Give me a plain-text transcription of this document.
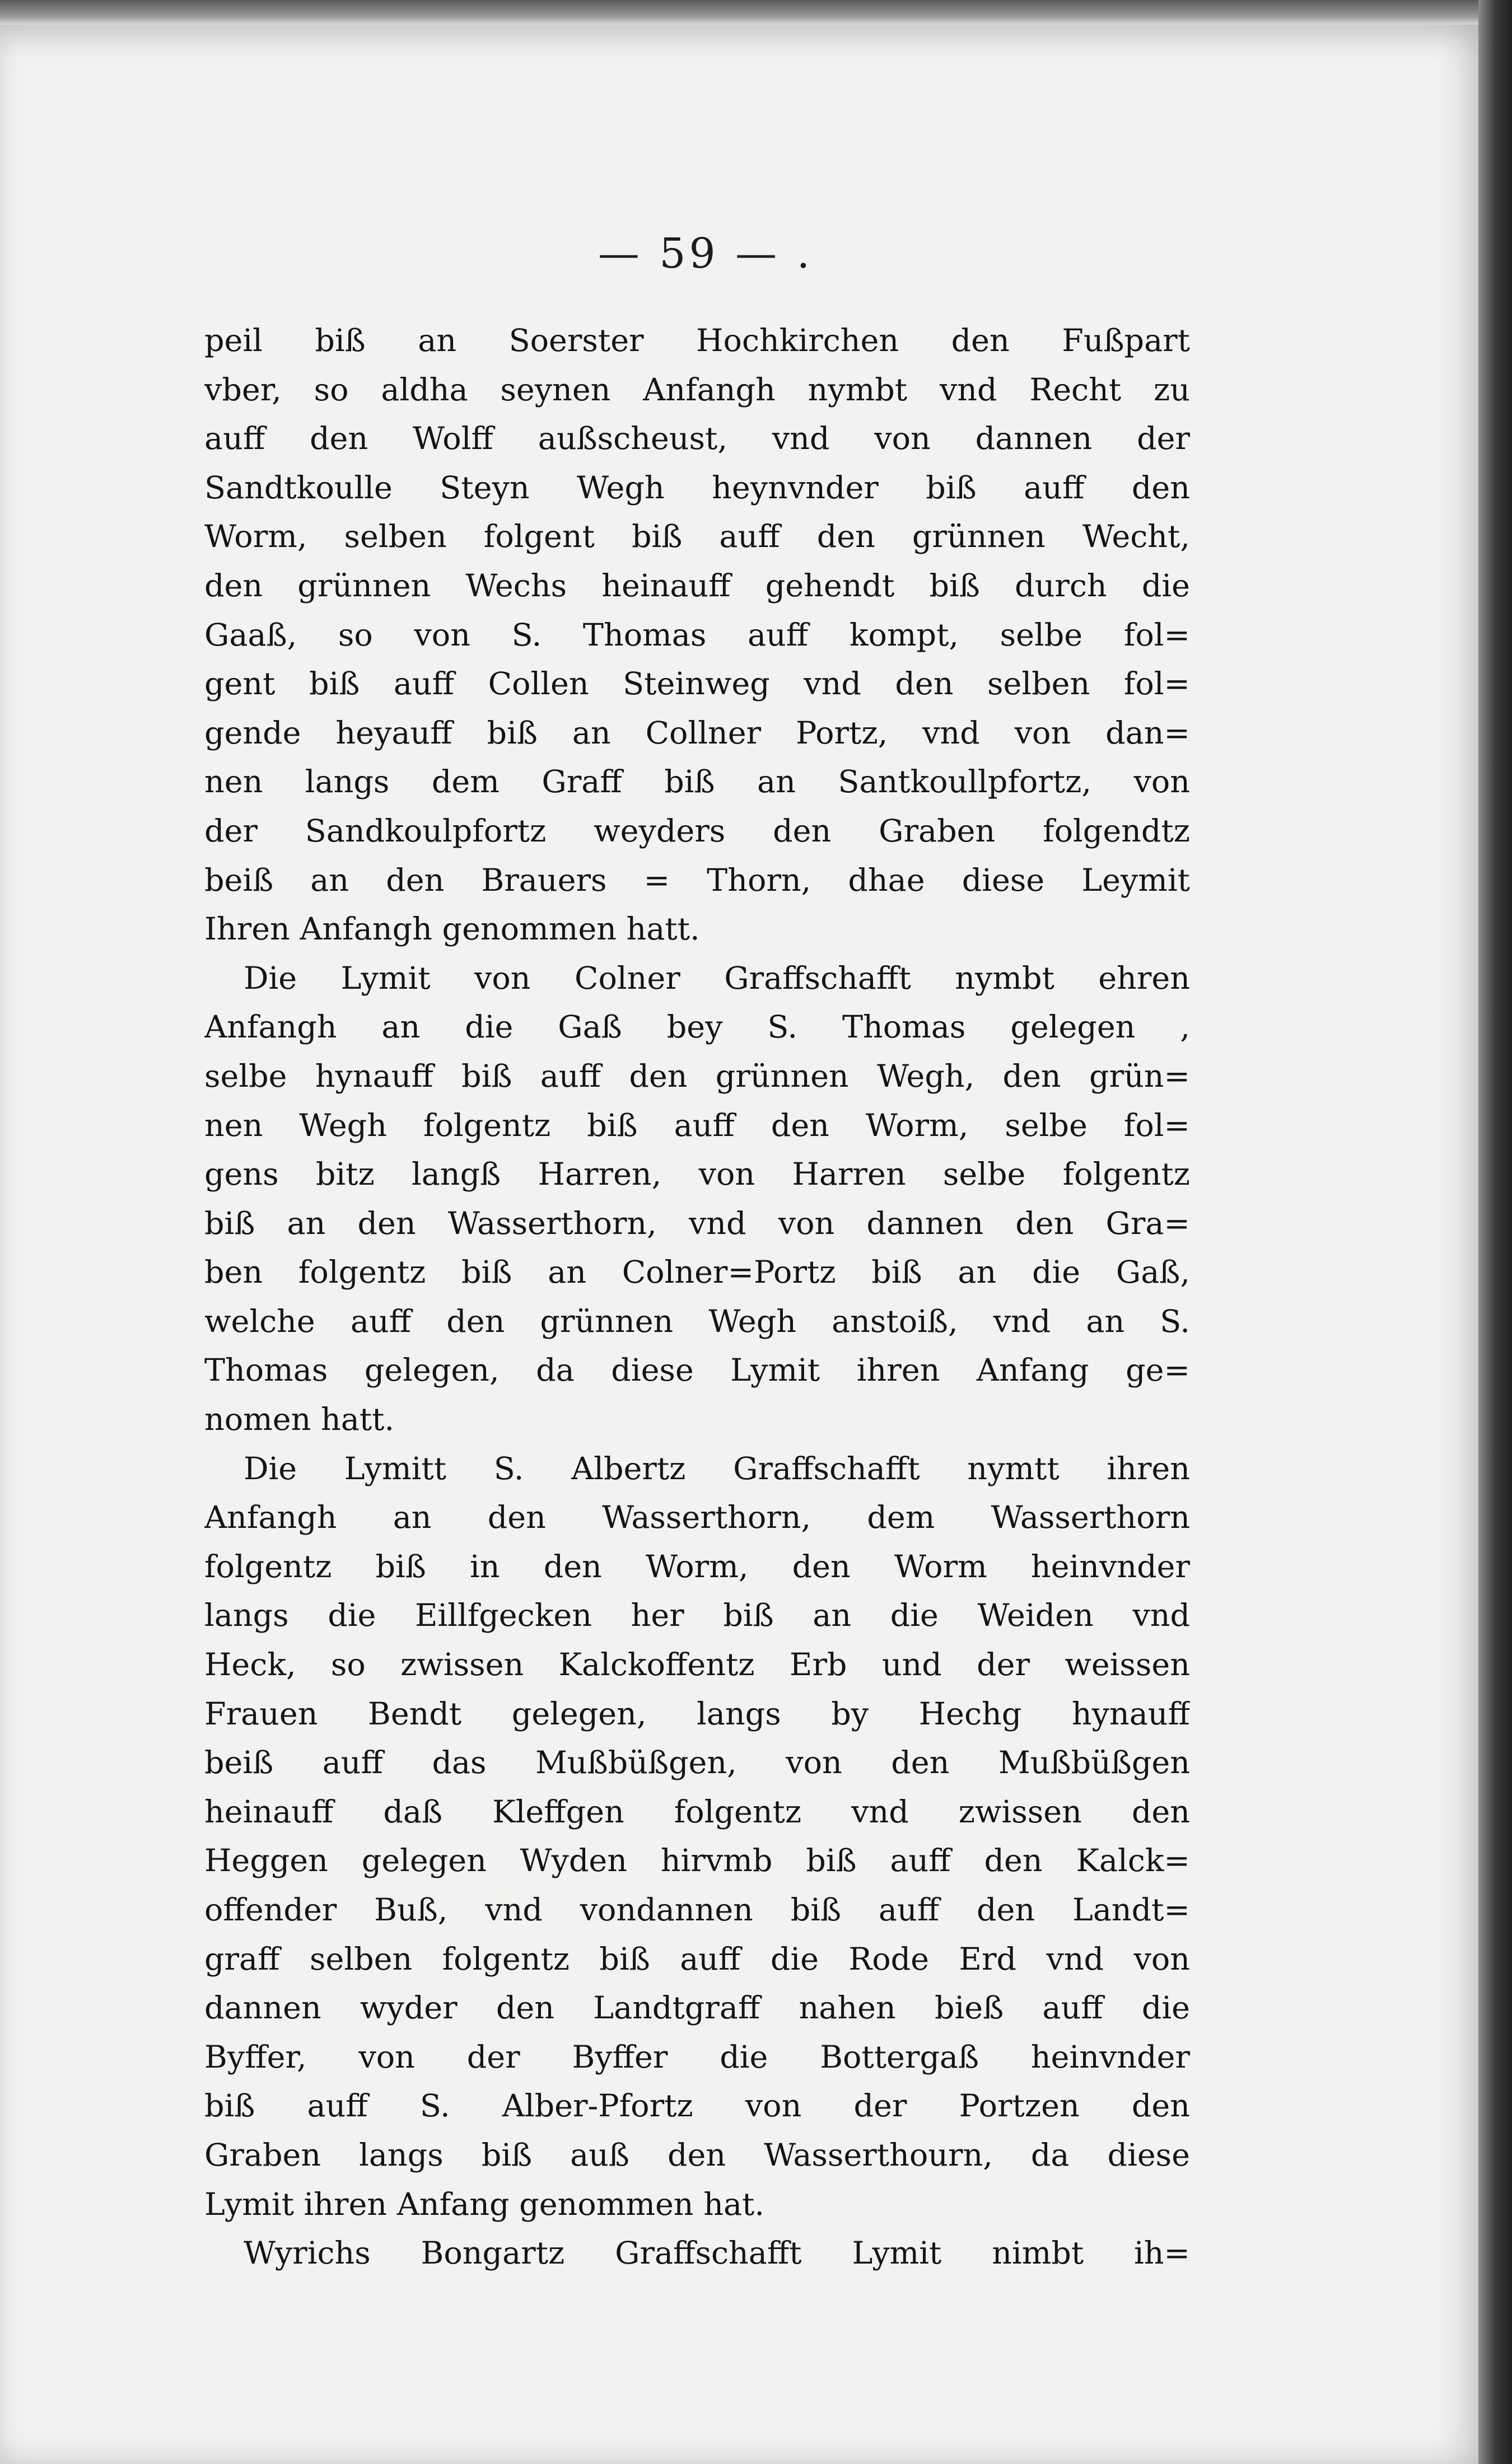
— 59 — .
peil biß an Soerster Hochkirchen den Fußpart
vber, so aldha seynen Anfangh nymbt vnd Recht zu
auff den Wolff außscheust, vnd von dannen der
Sandtkoulle Steyn Wegh heynvnder biß auff den
Worm, selben folgent biß auff den grünnen Wecht,
den grünnen Wechs heinauff gehendt biß durch die
Gaaß, so von S. Thomas auff kompt, selbe fol=
gent biß auff Collen Steinweg vnd den selben fol=
gende heyauff biß an Collner Portz, vnd von dan=
nen langs dem Graff biß an Santkoullpfortz, von
der Sandkoulpfortz weyders den Graben folgendtz
beiß an den Brauers = Thorn, dhae diese Leymit
Ihren Anfangh genommen hatt.
Die Lymit von Colner Graffschafft nymbt ehren
Anfangh an die Gaß bey S. Thomas gelegen ,
selbe hynauff biß auff den grünnen Wegh, den grün=
nen Wegh folgentz biß auff den Worm, selbe fol=
gens bitz langß Harren, von Harren selbe folgentz
biß an den Wasserthorn, vnd von dannen den Gra=
ben folgentz biß an Colner=Portz biß an die Gaß,
welche auff den grünnen Wegh anstoiß, vnd an S.
Thomas gelegen, da diese Lymit ihren Anfang ge=
nomen hatt.
Die Lymitt S. Albertz Graffschafft nymtt ihren
Anfangh an den Wasserthorn, dem Wasserthorn
folgentz biß in den Worm, den Worm heinvnder
langs die Eillfgecken her biß an die Weiden vnd
Heck, so zwissen Kalckoffentz Erb und der weissen
Frauen Bendt gelegen, langs by Hechg hynauff
beiß auff das Mußbüßgen, von den Mußbüßgen
heinauff daß Kleffgen folgentz vnd zwissen den
Heggen gelegen Wyden hirvmb biß auff den Kalck=
offender Buß, vnd vondannen biß auff den Landt=
graff selben folgentz biß auff die Rode Erd vnd von
dannen wyder den Landtgraff nahen bieß auff die
Byffer, von der Byffer die Bottergaß heinvnder
biß auff S. Alber-Pfortz von der Portzen den
Graben langs biß auß den Wasserthourn, da diese
Lymit ihren Anfang genommen hat.
Wyrichs Bongartz Graffschafft Lymit nimbt ih=
